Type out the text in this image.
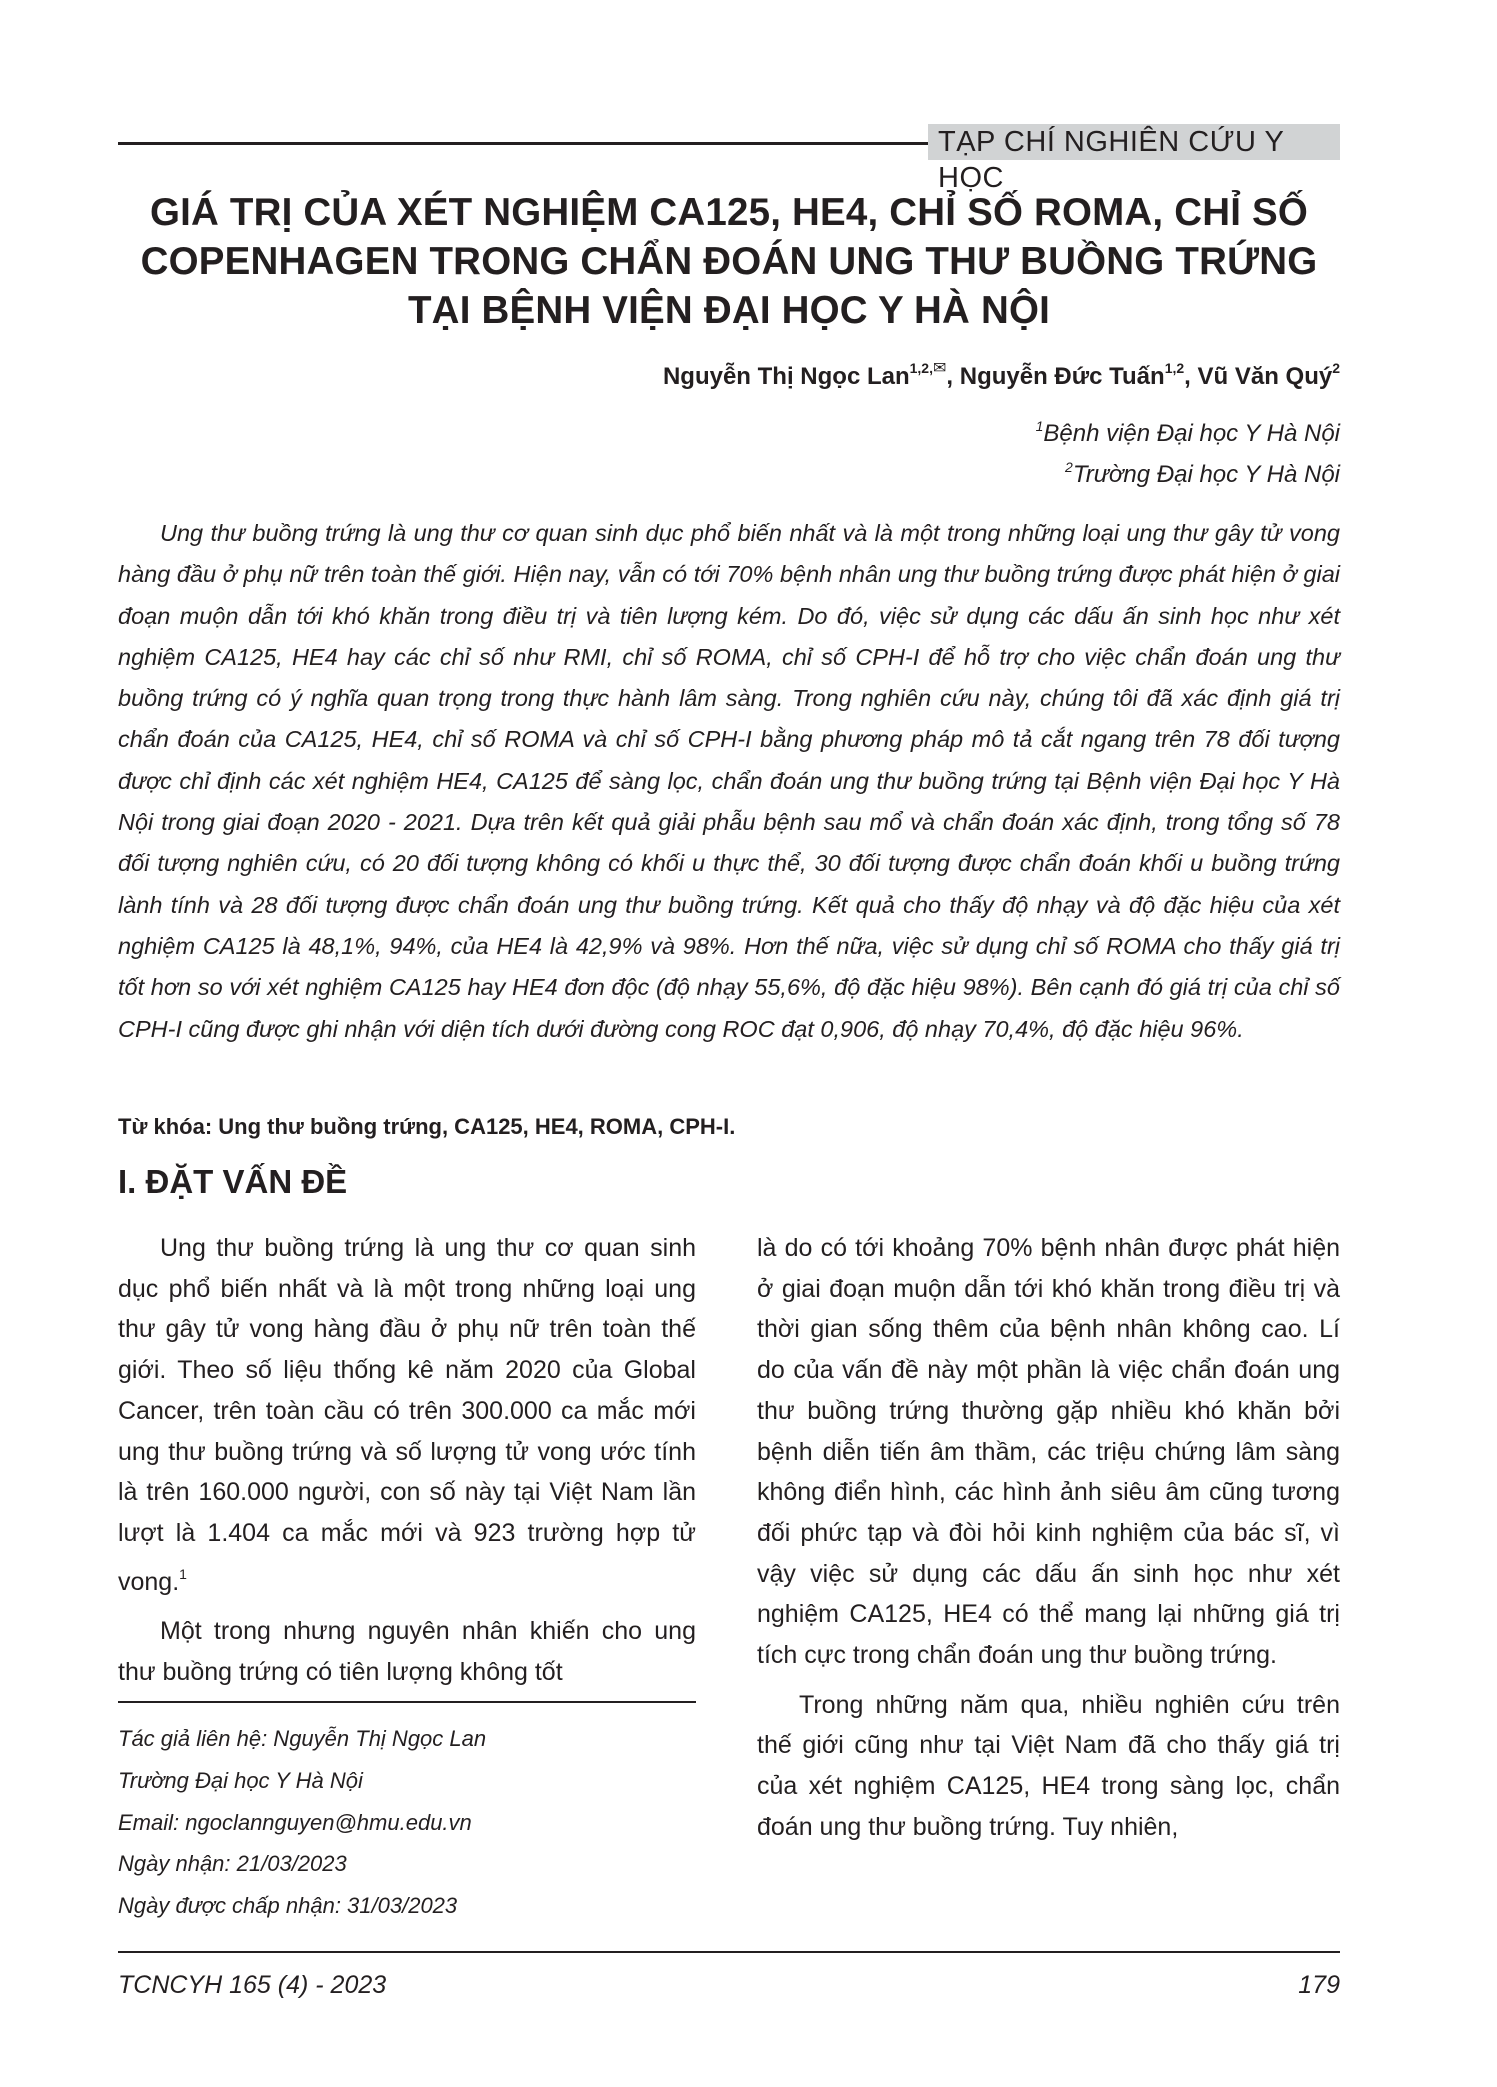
TẠP CHÍ NGHIÊN CỨU Y HỌC
GIÁ TRỊ CỦA XÉT NGHIỆM CA125, HE4, CHỈ SỐ ROMA, CHỈ SỐ
COPENHAGEN TRONG CHẨN ĐOÁN UNG THƯ BUỒNG TRỨNG
TẠI BỆNH VIỆN ĐẠI HỌC Y HÀ NỘI
Nguyễn Thị Ngọc Lan$^{1,2,✉}$, Nguyễn Đức Tuấn$^{1,2}$, Vũ Văn Quý$^2$
$^1$Bệnh viện Đại học Y Hà Nội
$^2$Trường Đại học Y Hà Nội

Ung thư buồng trứng là ung thư cơ quan sinh dục phổ biến nhất và là một trong những loại ung thư gây tử vong hàng đầu ở phụ nữ trên toàn thế giới. Hiện nay, vẫn có tới 70% bệnh nhân ung thư buồng trứng được phát hiện ở giai đoạn muộn dẫn tới khó khăn trong điều trị và tiên lượng kém. Do đó, việc sử dụng các dấu ấn sinh học như xét nghiệm CA125, HE4 hay các chỉ số như RMI, chỉ số ROMA, chỉ số CPH-I để hỗ trợ cho việc chẩn đoán ung thư buồng trứng có ý nghĩa quan trọng trong thực hành lâm sàng. Trong nghiên cứu này, chúng tôi đã xác định giá trị chẩn đoán của CA125, HE4, chỉ số ROMA và chỉ số CPH-I bằng phương pháp mô tả cắt ngang trên 78 đối tượng được chỉ định các xét nghiệm HE4, CA125 để sàng lọc, chẩn đoán ung thư buồng trứng tại Bệnh viện Đại học Y Hà Nội trong giai đoạn 2020 - 2021. Dựa trên kết quả giải phẫu bệnh sau mổ và chẩn đoán xác định, trong tổng số 78 đối tượng nghiên cứu, có 20 đối tượng không có khối u thực thể, 30 đối tượng được chẩn đoán khối u buồng trứng lành tính và 28 đối tượng được chẩn đoán ung thư buồng trứng. Kết quả cho thấy độ nhạy và độ đặc hiệu của xét nghiệm CA125 là 48,1%, 94%, của HE4 là 42,9% và 98%. Hơn thế nữa, việc sử dụng chỉ số ROMA cho thấy giá trị tốt hơn so với xét nghiệm CA125 hay HE4 đơn độc (độ nhạy 55,6%, độ đặc hiệu 98%). Bên cạnh đó giá trị của chỉ số CPH-I cũng được ghi nhận với diện tích dưới đường cong ROC đạt 0,906, độ nhạy 70,4%, độ đặc hiệu 96%.

Từ khóa: Ung thư buồng trứng, CA125, HE4, ROMA, CPH-I.
I. ĐẶT VẤN ĐỀ

Ung thư buồng trứng là ung thư cơ quan sinh dục phổ biến nhất và là một trong những loại ung thư gây tử vong hàng đầu ở phụ nữ trên toàn thế giới. Theo số liệu thống kê năm 2020 của Global Cancer, trên toàn cầu có trên 300.000 ca mắc mới ung thư buồng trứng và số lượng tử vong ước tính là trên 160.000 người, con số này tại Việt Nam lần lượt là 1.404 ca mắc mới và 923 trường hợp tử vong.$^1$

Một trong nhưng nguyên nhân khiến cho ung thư buồng trứng có tiên lượng không tốt

là do có tới khoảng 70% bệnh nhân được phát hiện ở giai đoạn muộn dẫn tới khó khăn trong điều trị và thời gian sống thêm của bệnh nhân không cao. Lí do của vấn đề này một phần là việc chẩn đoán ung thư buồng trứng thường gặp nhiều khó khăn bởi bệnh diễn tiến âm thầm, các triệu chứng lâm sàng không điển hình, các hình ảnh siêu âm cũng tương đối phức tạp và đòi hỏi kinh nghiệm của bác sĩ, vì vậy việc sử dụng các dấu ấn sinh học như xét nghiệm CA125, HE4 có thể mang lại những giá trị tích cực trong chẩn đoán ung thư buồng trứng.

Trong những năm qua, nhiều nghiên cứu trên thế giới cũng như tại Việt Nam đã cho thấy giá trị của xét nghiệm CA125, HE4 trong sàng lọc, chẩn đoán ung thư buồng trứng. Tuy nhiên,

Tác giả liên hệ: Nguyễn Thị Ngọc Lan
Trường Đại học Y Hà Nội
Email: ngoclannguyen@hmu.edu.vn
Ngày nhận: 21/03/2023
Ngày được chấp nhận: 31/03/2023
TCNCYH 165 (4) - 2023	179
